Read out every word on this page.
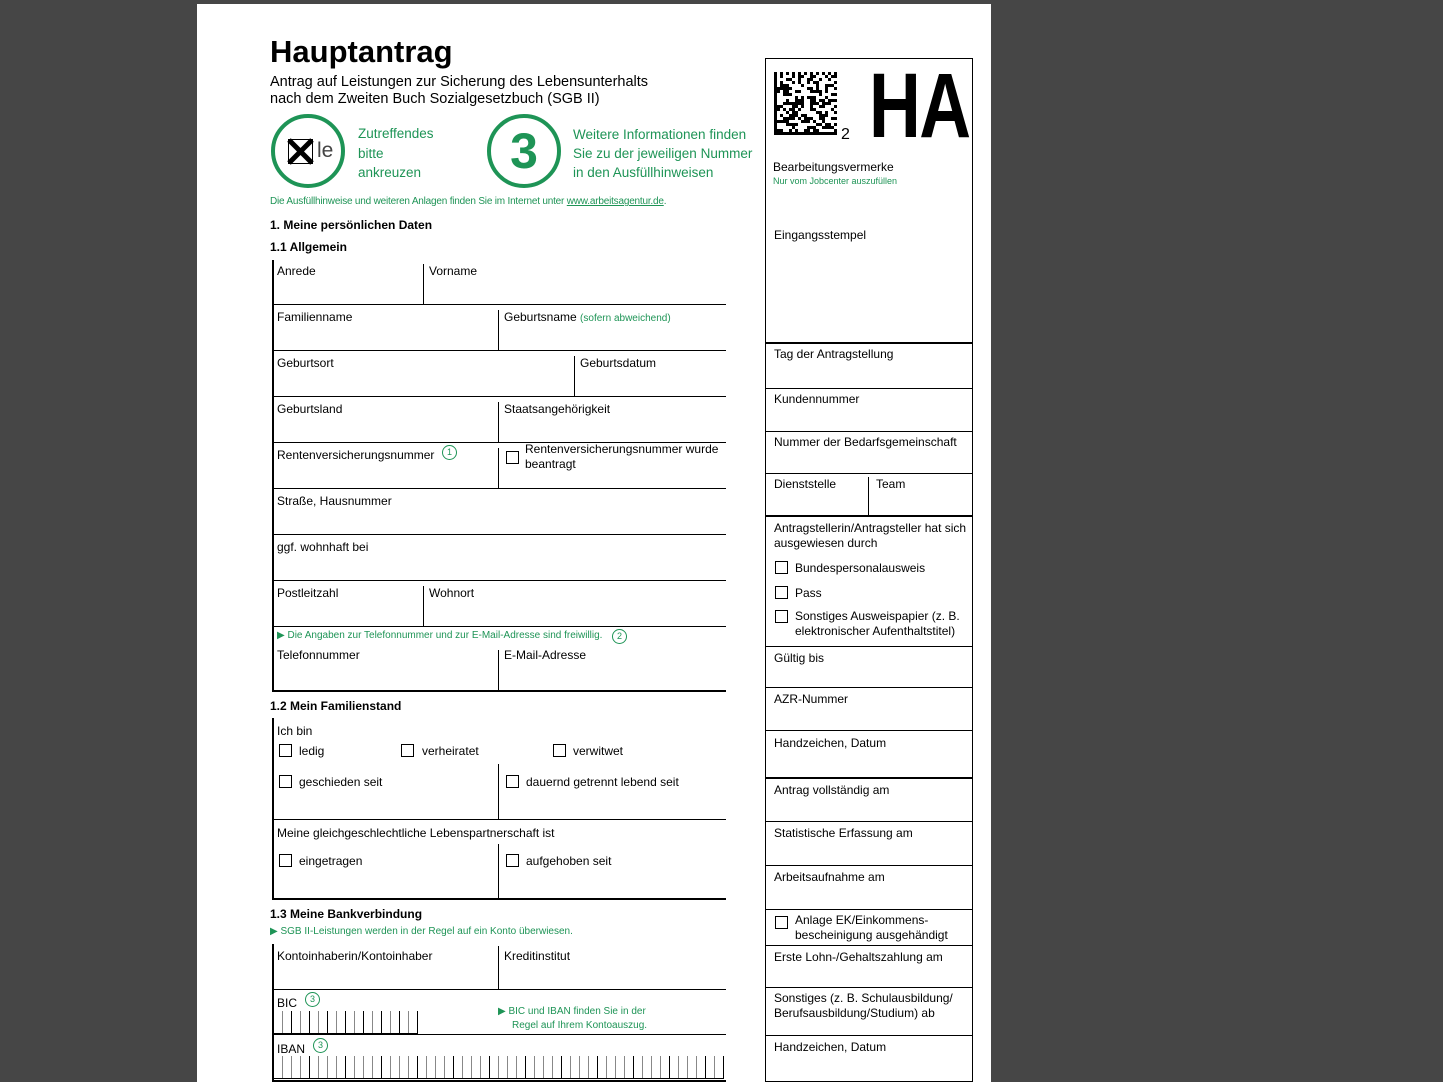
Hauptantrag
Antrag auf Leistungen zur Sicherung des Lebensunterhalts
nach dem Zweiten Buch Sozialgesetzbuch (SGB II)
le
Zutreffendes
bitte
ankreuzen	3	Weitere Informationen finden
Sie zu der jeweiligen Nummer
in den Ausfüllhinweisen
Die Ausfüllhinweise und weiteren Anlagen finden Sie im Internet unter www.arbeitsagentur.de.
1. Meine persönlichen Daten
1.1 Allgemein
Anrede	Vorname
Familienname	Geburtsname (sofern abweichend)
Geburtsort	Geburtsdatum
Geburtsland	Staatsangehörigkeit
Rentenversicherungsnummer	1	Rentenversicherungsnummer wurde
beantragt
Straße, Hausnummer
ggf. wohnhaft bei
Postleitzahl	Wohnort
▶ Die Angaben zur Telefonnummer und zur E-Mail-Adresse sind freiwillig.	2
Telefonnummer	E-Mail-Adresse
1.2 Mein Familienstand
Ich bin
ledig	verheiratet	verwitwet
geschieden seit	dauernd getrennt lebend seit
Meine gleichgeschlechtliche Lebenspartnerschaft ist
eingetragen	aufgehoben seit
1.3 Meine Bankverbindung
▶ SGB II-Leistungen werden in der Regel auf ein Konto überwiesen.
Kontoinhaberin/Kontoinhaber	Kreditinstitut
BIC	3
▶ BIC und IBAN finden Sie in der
Regel auf Ihrem Kontoauszug.
IBAN	3
2 HA
Bearbeitungsvermerke
Nur vom Jobcenter auszufüllen
Eingangsstempel
Tag der Antragstellung
Kundennummer
Nummer der Bedarfsgemeinschaft
Dienststelle	Team
Antragstellerin/Antragsteller hat sich
ausgewiesen durch
Bundespersonalausweis
Pass
Sonstiges Ausweispapier (z. B.
elektronischer Aufenthaltstitel)
Gültig bis
AZR-Nummer
Handzeichen, Datum
Antrag vollständig am
Statistische Erfassung am
Arbeitsaufnahme am
Anlage EK/Einkommens-
bescheinigung ausgehändigt
Erste Lohn-/Gehaltszahlung am
Sonstiges (z. B. Schulausbildung/
Berufsausbildung/Studium) ab
Handzeichen, Datum
